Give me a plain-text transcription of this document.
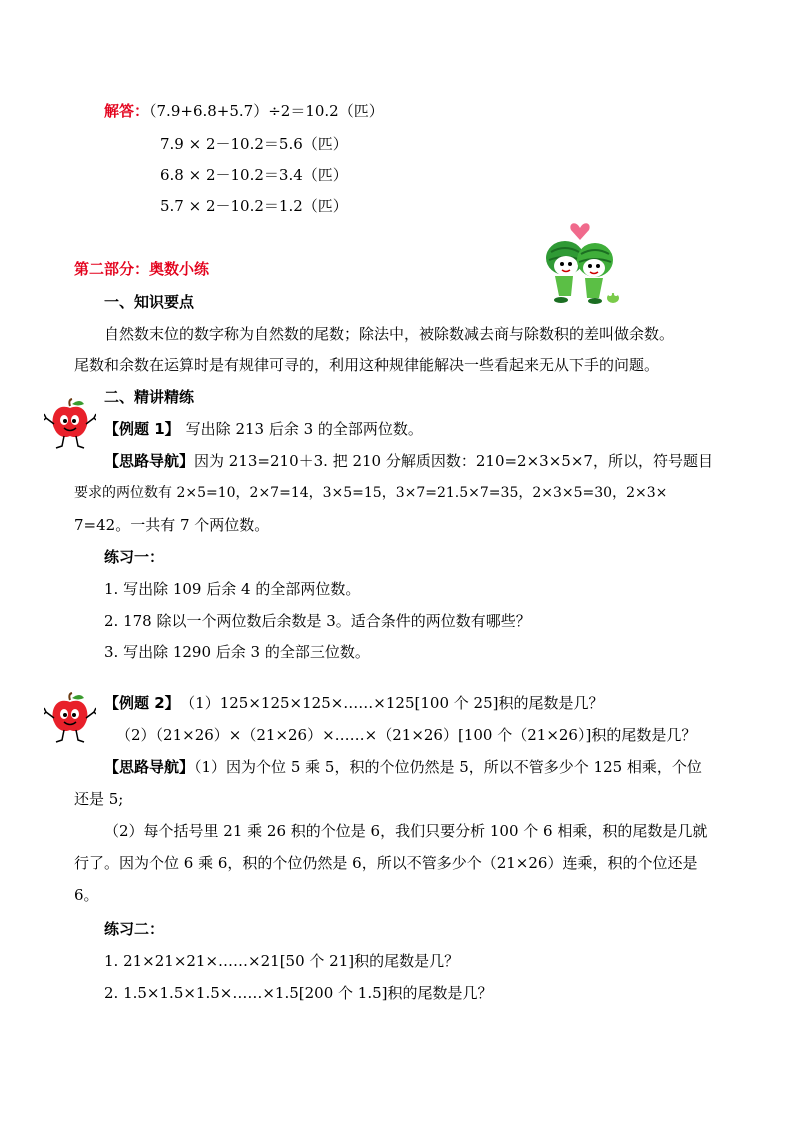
解答：（7.9+6.8+5.7）÷2＝10.2（匹）
7.9 × 2－10.2＝5.6（匹）
6.8 × 2－10.2＝3.4（匹）
5.7 × 2－10.2＝1.2（匹）
第二部分：奥数小练
一、知识要点
自然数末位的数字称为自然数的尾数；除法中，被除数减去商与除数积的差叫做余数。
尾数和余数在运算时是有规律可寻的，利用这种规律能解决一些看起来无从下手的问题。
二、精讲精练
【例题 1】 写出除 213 后余 3 的全部两位数。
【思路导航】因为 213=210＋3. 把 210 分解质因数：210=2×3×5×7，所以，符号题目
要求的两位数有 2×5=10，2×7=14，3×5=15，3×7=21.5×7=35，2×3×5=30，2×3×
7=42。一共有 7 个两位数。
练习一：
1. 写出除 109 后余 4 的全部两位数。
2. 178 除以一个两位数后余数是 3。适合条件的两位数有哪些？
3. 写出除 1290 后余 3 的全部三位数。
【例题 2】 （1）125×125×125×……×125[100 个 25]积的尾数是几？
（2）（21×26）×（21×26）×……×（21×26）[100 个（21×26）]积的尾数是几？
【思路导航】（1）因为个位 5 乘 5，积的个位仍然是 5，所以不管多少个 125 相乘，个位
还是 5;
（2）每个括号里 21 乘 26 积的个位是 6，我们只要分析 100 个 6 相乘，积的尾数是几就
行了。因为个位 6 乘 6，积的个位仍然是 6，所以不管多少个（21×26）连乘，积的个位还是
6。
练习二：
1. 21×21×21×……×21[50 个 21]积的尾数是几？
2. 1.5×1.5×1.5×……×1.5[200 个 1.5]积的尾数是几？
